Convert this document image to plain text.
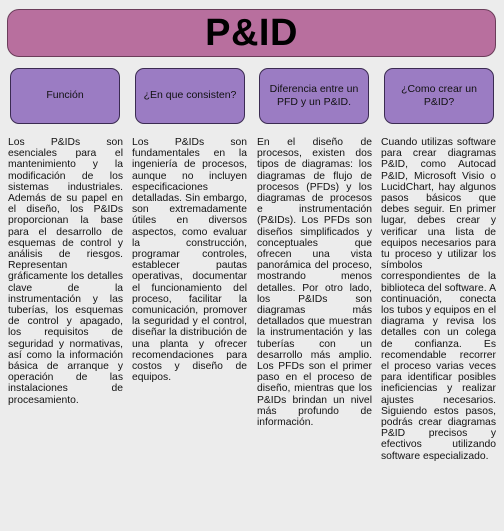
P&ID
Función	¿En que consisten?
Diferencia entre un PFD y un P&ID.
¿Como crear un P&ID?

Los P&IDs son esenciales para el mantenimiento y la modificación de los sistemas industriales. Además de su papel en el diseño, los P&IDs proporcionan la base para el desarrollo de esquemas de control y análisis de riesgos. Representan gráficamente los detalles clave de la instrumentación y las tuberías, los esquemas de control y apagado, los requisitos de seguridad y normativas, así como la información básica de arranque y operación de las instalaciones de procesamiento.

Los P&IDs son fundamentales en la ingeniería de procesos, aunque no incluyen especificaciones detalladas. Sin embargo, son extremadamente útiles en diversos aspectos, como evaluar la construcción, programar controles, establecer pautas operativas, documentar el funcionamiento del proceso, facilitar la comunicación, promover la seguridad y el control, diseñar la distribución de una planta y ofrecer recomendaciones para costos y diseño de equipos.

En el diseño de procesos, existen dos tipos de diagramas: los diagramas de flujo de procesos (PFDs) y los diagramas de procesos e instrumentación (P&IDs). Los PFDs son diseños simplificados y conceptuales que ofrecen una vista panorámica del proceso, mostrando menos detalles. Por otro lado, los P&IDs son diagramas más detallados que muestran la instrumentación y las tuberías con un desarrollo más amplio. Los PFDs son el primer paso en el proceso de diseño, mientras que los P&IDs brindan un nivel más profundo de información.

Cuando utilizas software para crear diagramas P&ID, como Autocad P&ID, Microsoft Visio o LucidChart, hay algunos pasos básicos que debes seguir. En primer lugar, debes crear y verificar una lista de equipos necesarios para tu proceso y utilizar los símbolos correspondientes de la biblioteca del software. A continuación, conecta los tubos y equipos en el diagrama y revisa los detalles con un colega de confianza. Es recomendable recorrer el proceso varias veces para identificar posibles ineficiencias y realizar ajustes necesarios. Siguiendo estos pasos, podrás crear diagramas P&ID precisos y efectivos utilizando software especializado.
